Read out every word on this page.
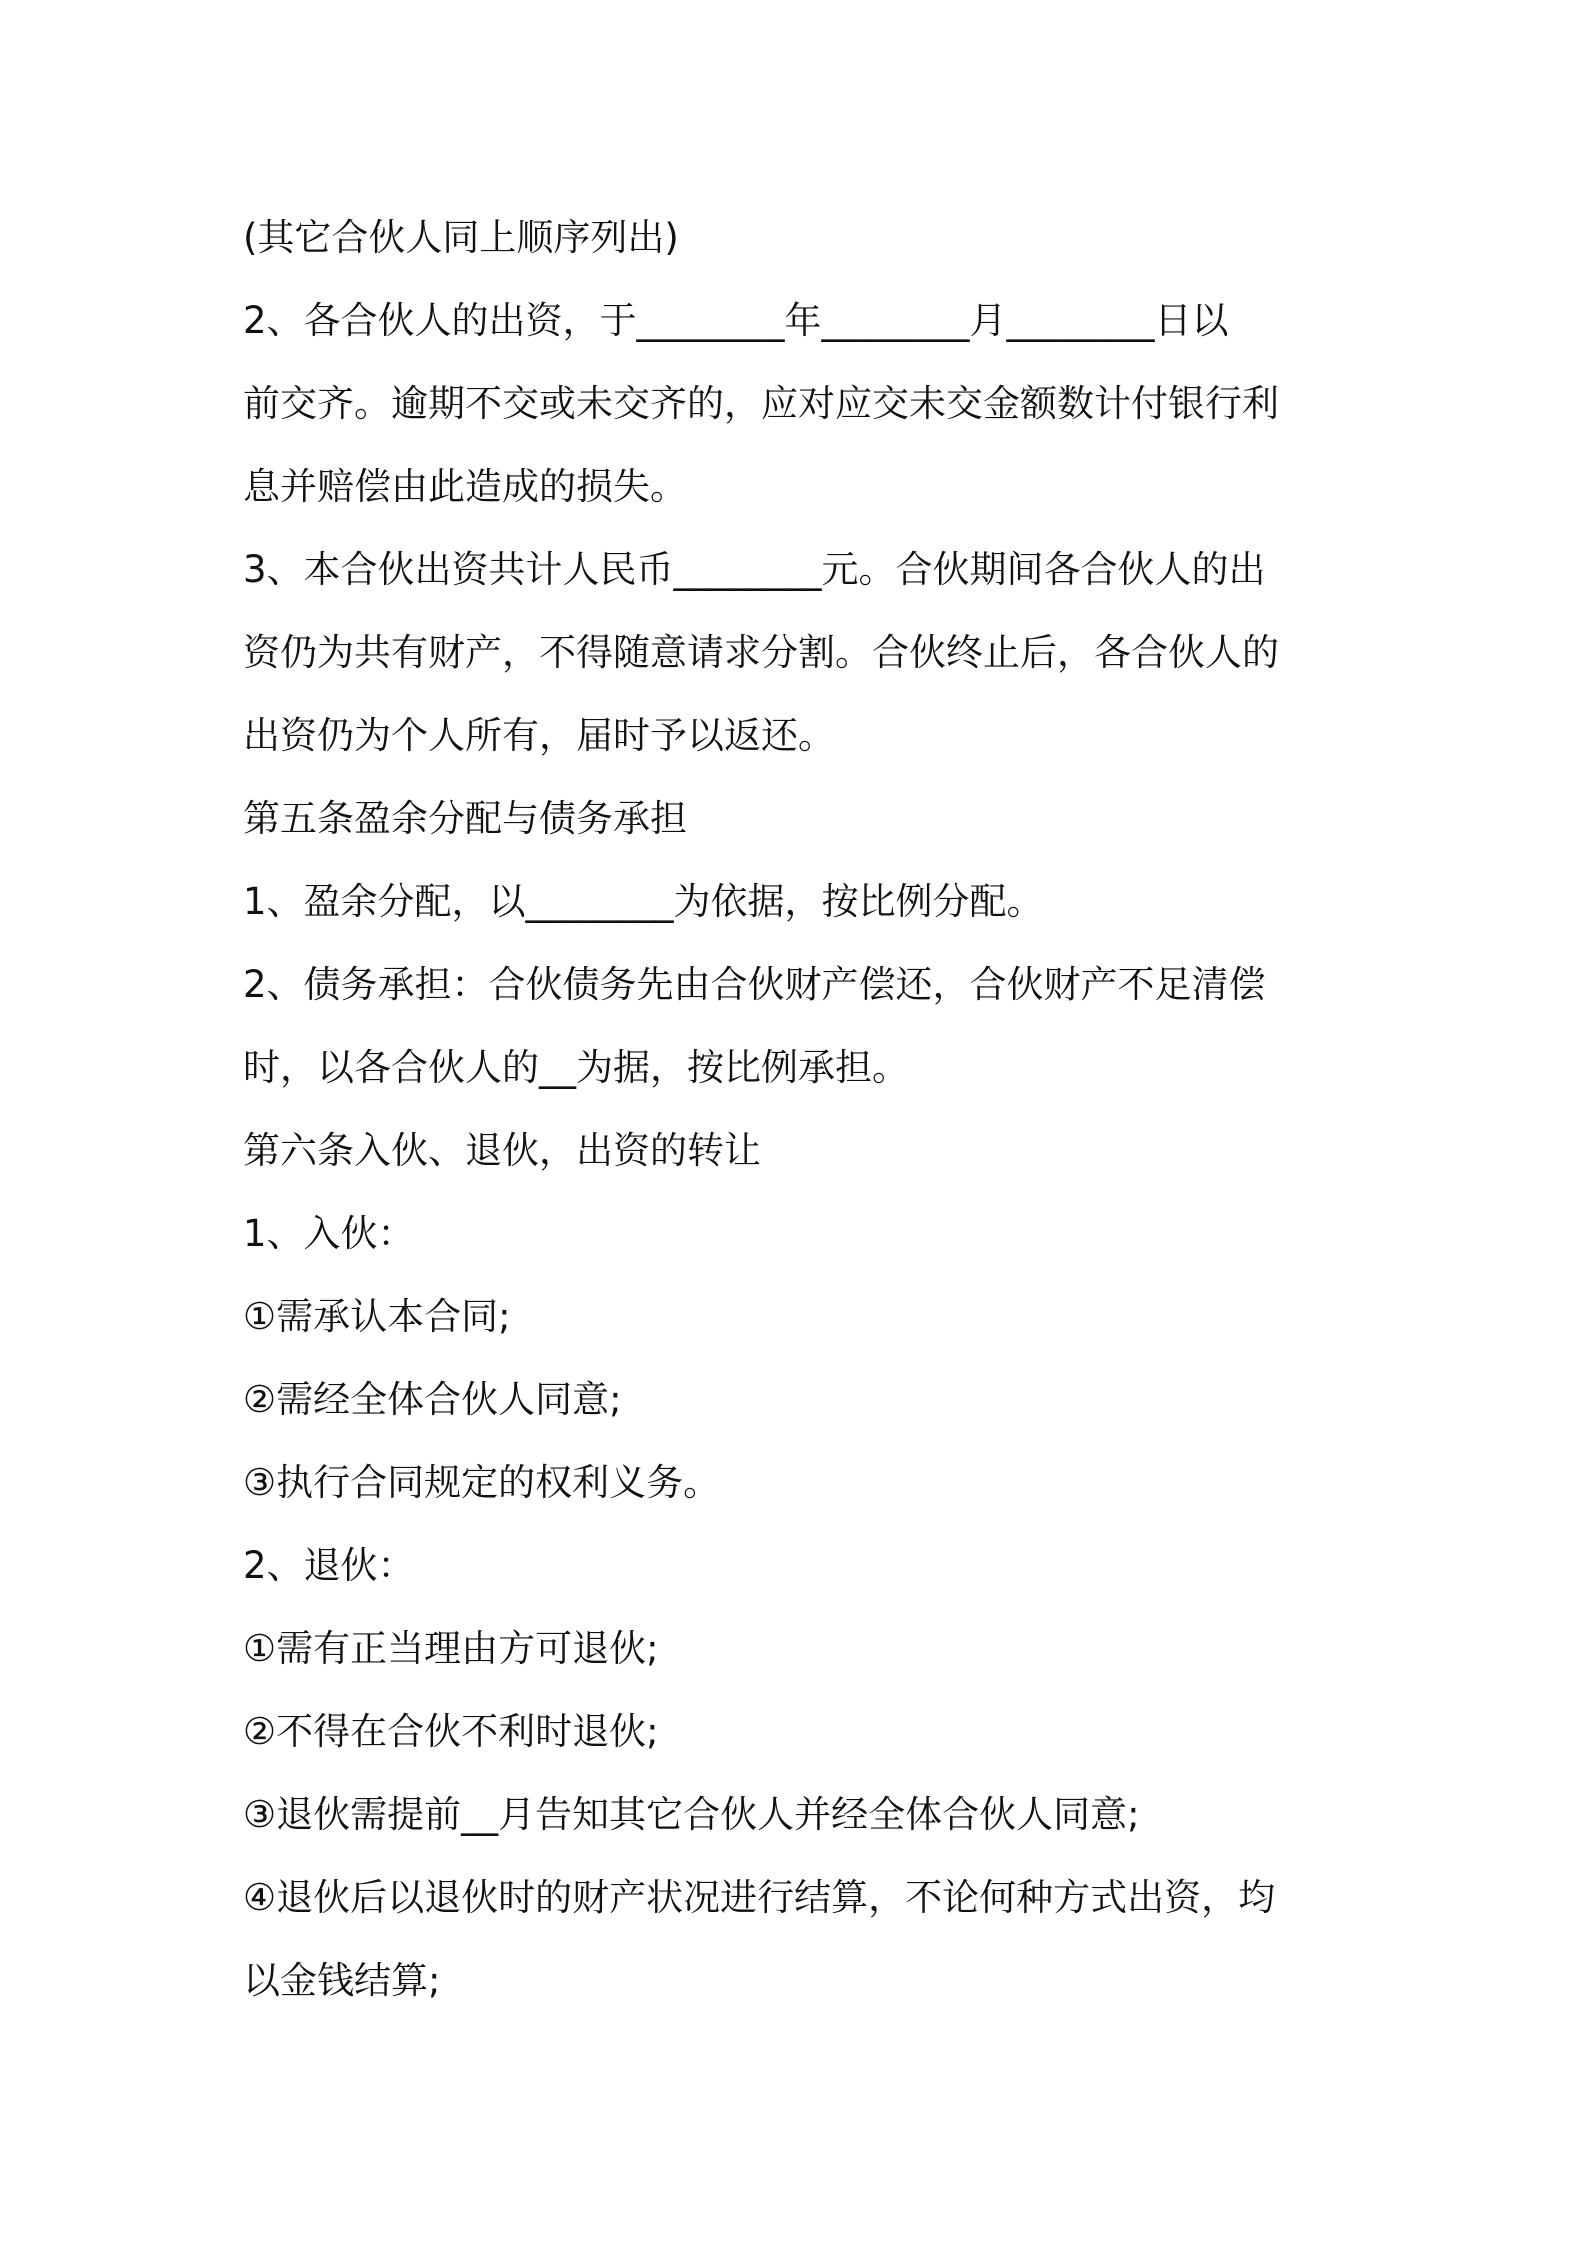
(其它合伙人同上顺序列出)
2、各合伙人的出资，于________年________月________日以
前交齐。逾期不交或未交齐的，应对应交未交金额数计付银行利
息并赔偿由此造成的损失。
3、本合伙出资共计人民币________元。合伙期间各合伙人的出
资仍为共有财产，不得随意请求分割。合伙终止后，各合伙人的
出资仍为个人所有，届时予以返还。
第五条盈余分配与债务承担
1、盈余分配，以________为依据，按比例分配。
2、债务承担：合伙债务先由合伙财产偿还，合伙财产不足清偿
时，以各合伙人的__为据，按比例承担。
第六条入伙、退伙，出资的转让
1、入伙：
①需承认本合同;
②需经全体合伙人同意;
③执行合同规定的权利义务。
2、退伙：
①需有正当理由方可退伙;
②不得在合伙不利时退伙;
③退伙需提前__月告知其它合伙人并经全体合伙人同意;
④退伙后以退伙时的财产状况进行结算，不论何种方式出资，均
以金钱结算;
